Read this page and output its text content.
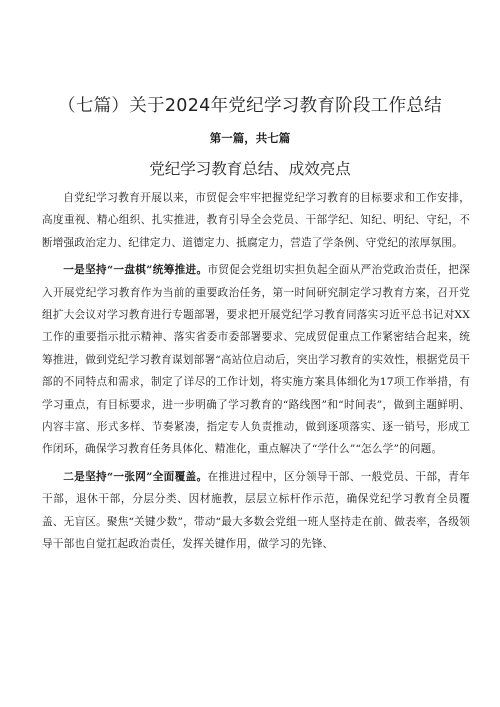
（七篇）关于2024年党纪学习教育阶段工作总结
第一篇，共七篇
党纪学习教育总结、成效亮点

自党纪学习教育开展以来，市贸促会牢牢把握党纪学习教育的目标要求和工作安排，高度重视、精心组织、扎实推进，教育引导全会党员、干部学纪、知纪、明纪、守纪，不断增强政治定力、纪律定力、道德定力、抵腐定力，营造了学条例、守党纪的浓厚氛围。

一是坚持“一盘棋”统筹推进。市贸促会党组切实担负起全面从严治党政治责任，把深入开展党纪学习教育作为当前的重要政治任务，第一时间研究制定学习教育方案，召开党组扩大会议对学习教育进行专题部署，要求把开展党纪学习教育同落实习近平总书记对XX工作的重要指示批示精神、落实省委市委部署要求、完成贸促重点工作紧密结合起来，统筹推进，做到党纪学习教育谋划部署“高站位启动后，突出学习教育的实效性，根据党员干部的不同特点和需求，制定了详尽的工作计划，将实施方案具体细化为17项工作举措，有学习重点，有目标要求，进一步明确了学习教育的“路线图”和“时间表”，做到主题鲜明、内容丰富、形式多样、节奏紧凑，指定专人负责推动，做到逐项落实、逐一销号，形成工作闭环，确保学习教育任务具体化、精准化，重点解决了“学什么”“怎么学”的问题。

二是坚持“一张网”全面覆盖。在推进过程中，区分领导干部、一般党员、干部，青年干部，退休干部，分层分类、因材施教，层层立标杆作示范，确保党纪学习教育全员覆盖、无盲区。聚焦“关键少数”，带动“最大多数会党组一班人坚持走在前、做表率，各级领导干部也自觉扛起政治责任，发挥关键作用，做学习的先锋、
